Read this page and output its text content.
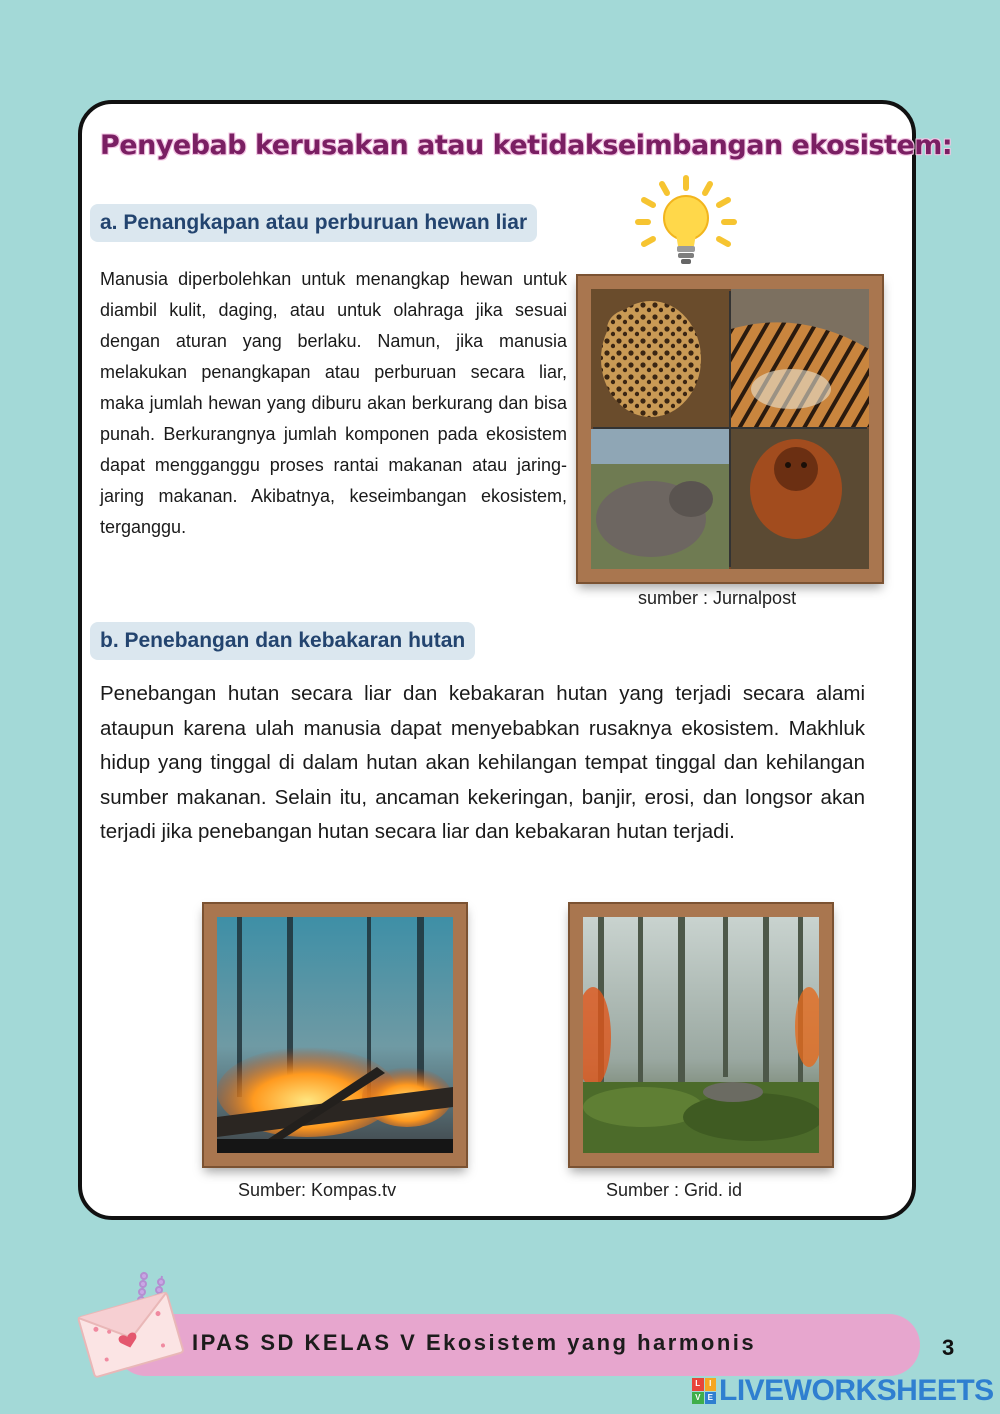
Penyebab kerusakan atau ketidakseimbangan ekosistem:
a. Penangkapan atau perburuan hewan liar
Manusia diperbolehkan untuk menangkap hewan untuk diambil kulit, daging, atau untuk olahraga jika sesuai dengan aturan yang berlaku. Namun, jika manusia melakukan penangkapan atau perburuan secara liar, maka jumlah hewan yang diburu akan berkurang dan bisa punah. Berkurangnya jumlah komponen pada ekosistem dapat mengganggu proses rantai makanan atau jaring-jaring makanan. Akibatnya, keseimbangan ekosistem, terganggu.
sumber : Jurnalpost
b. Penebangan dan kebakaran hutan
Penebangan hutan secara liar dan kebakaran hutan yang terjadi secara alami ataupun karena ulah manusia dapat menyebabkan rusaknya ekosistem. Makhluk hidup yang tinggal di dalam hutan akan kehilangan tempat tinggal dan kehilangan sumber makanan. Selain itu, ancaman kekeringan, banjir, erosi, dan longsor akan terjadi jika penebangan hutan secara liar dan kebakaran hutan terjadi.
Sumber: Kompas.tv	Sumber : Grid. id
IPAS SD KELAS V Ekosistem yang harmonis	3
L	I
V E LIVEWORKSHEETS
